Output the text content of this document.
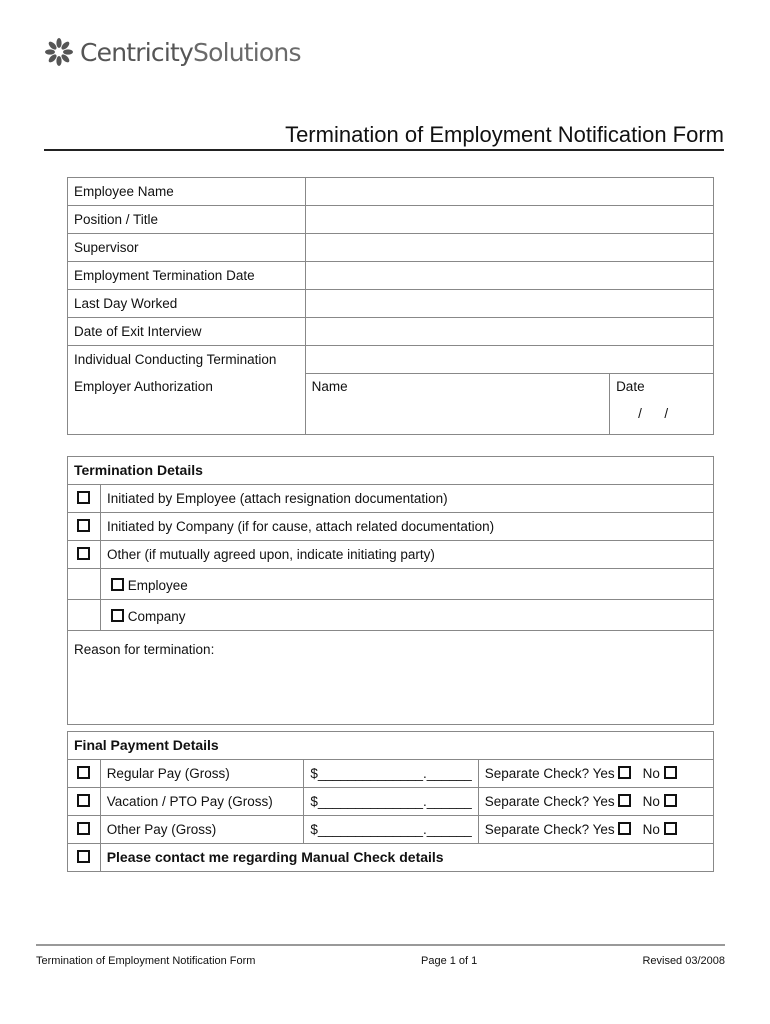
CentricitySolutions
Termination of Employment Notification Form
Employee Name		
Position / Title		
Supervisor		
Employment Termination Date		
Last Day Worked		
Date of Exit Interview		
Individual Conducting Termination		
Employer Authorization	Name	Date
/      /
Termination Details	
	Initiated by Employee (attach resignation documentation)
	Initiated by Company (if for cause, attach related documentation)
	Other (if mutually agreed upon, indicate initiating party)
	Employee
	Company
Reason for termination:	
Final Payment Details			
	Regular Pay (Gross)	$______________.______	Separate Check? Yes No
	Vacation / PTO Pay (Gross)	$______________.______	Separate Check? Yes No
	Other Pay (Gross)	$______________.______	Separate Check? Yes No
	Please contact me regarding Manual Check details		
Termination of Employment Notification Form	Page 1 of 1	Revised 03/2008
